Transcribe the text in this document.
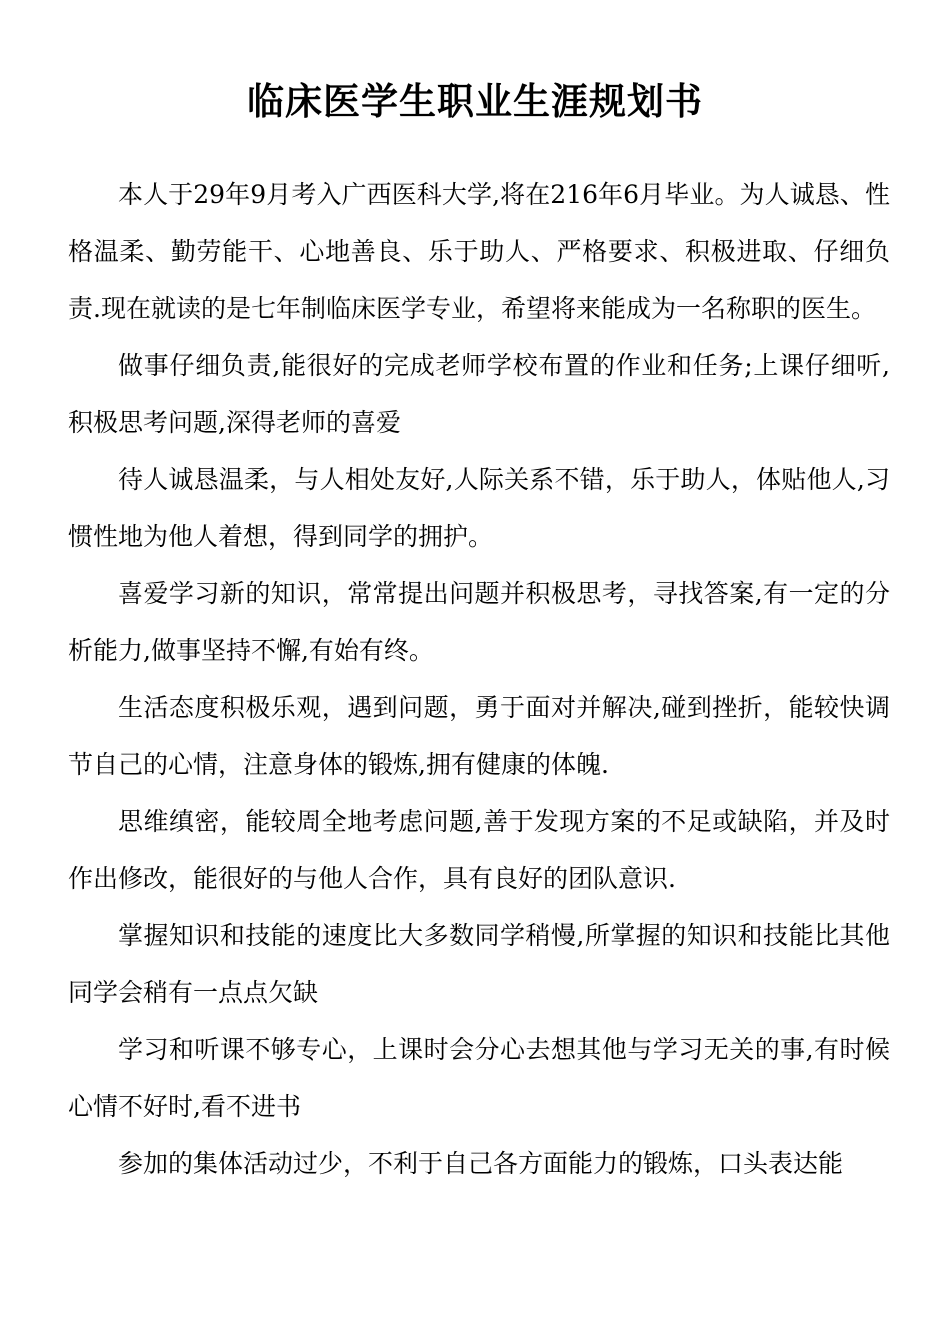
临床医学生职业生涯规划书

本人于29年9月考入广西医科大学,将在216年6月毕业。为人诚恳、性格温柔、勤劳能干、心地善良、乐于助人、严格要求、积极进取、仔细负责.现在就读的是七年制临床医学专业，希望将来能成为一名称职的医生。

做事仔细负责,能很好的完成老师学校布置的作业和任务;上课仔细听,积极思考问题,深得老师的喜爱

待人诚恳温柔，与人相处友好,人际关系不错，乐于助人，体贴他人,习惯性地为他人着想，得到同学的拥护。

喜爱学习新的知识，常常提出问题并积极思考，寻找答案,有一定的分析能力,做事坚持不懈,有始有终。

生活态度积极乐观，遇到问题，勇于面对并解决,碰到挫折，能较快调节自己的心情，注意身体的锻炼,拥有健康的体魄.

思维缜密，能较周全地考虑问题,善于发现方案的不足或缺陷，并及时作出修改，能很好的与他人合作，具有良好的团队意识.

掌握知识和技能的速度比大多数同学稍慢,所掌握的知识和技能比其他同学会稍有一点点欠缺

学习和听课不够专心，上课时会分心去想其他与学习无关的事,有时候心情不好时,看不进书

参加的集体活动过少，不利于自己各方面能力的锻炼，口头表达能
